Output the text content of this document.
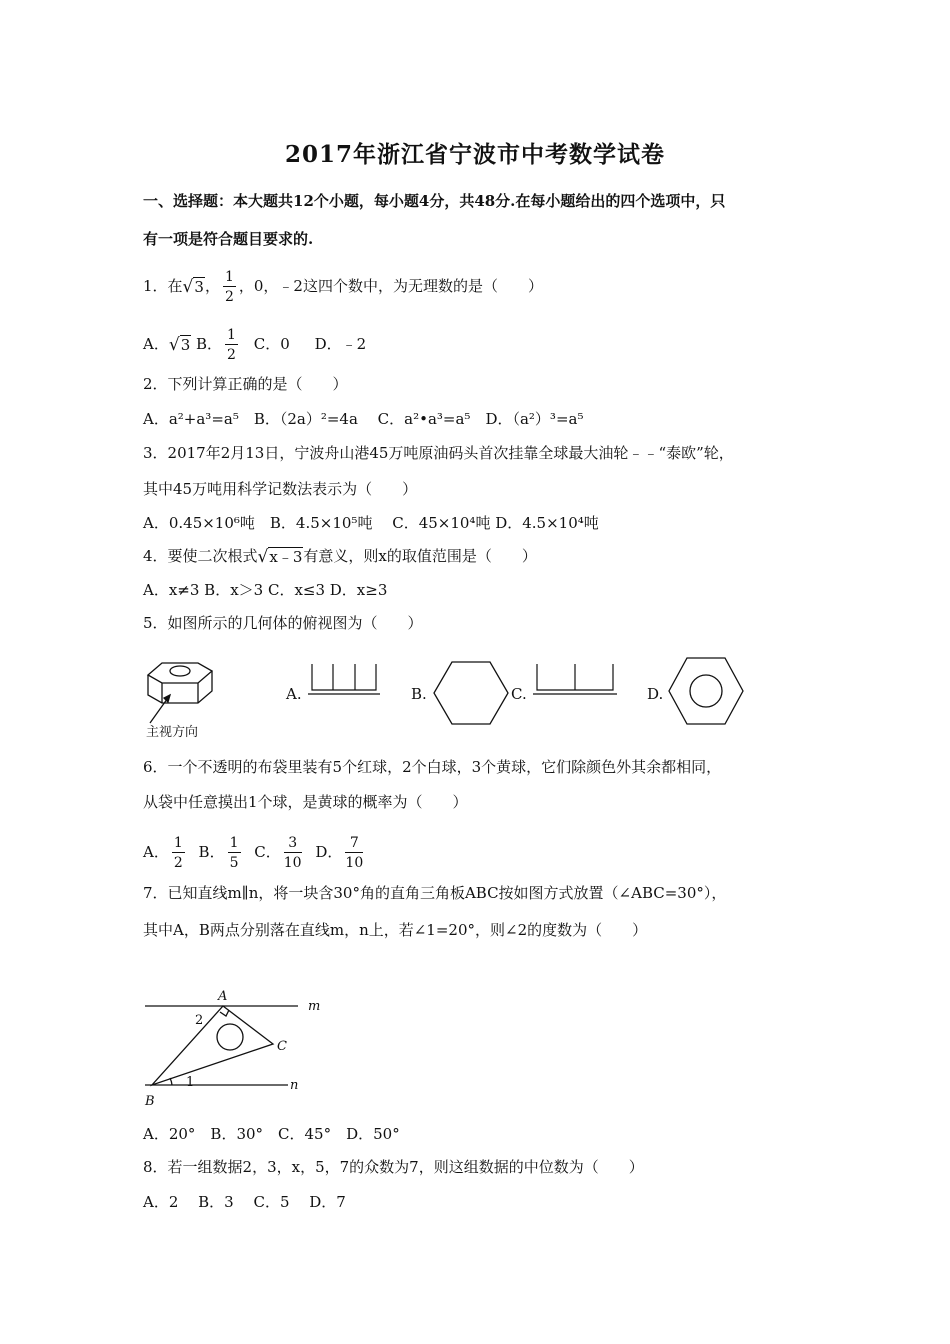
2017年浙江省宁波市中考数学试卷
一、选择题：本大题共12个小题，每小题4分，共48分.在每小题给出的四个选项中，只
有一项是符合题目要求的.
1．在√3， $\frac{1}{2}$ ，0，﹣2这四个数中，为无理数的是（　　）
A．√3 B． $\frac{1}{2}$ C．0 D．﹣2
2．下列计算正确的是（　　）
A．a²+a³=a⁵　B．（2a）²=4a　 C．a²•a³=a⁵　D．（a²）³=a⁵
3．2017年2月13日，宁波舟山港45万吨原油码头首次挂靠全球最大油轮﹣﹣“泰欧”轮，
其中45万吨用科学记数法表示为（　　）
A．0.45×10⁶吨　B．4.5×10⁵吨　 C．45×10⁴吨 D．4.5×10⁴吨
4．要使二次根式√x﹣3有意义，则x的取值范围是（　　）
A．x≠3 B．x＞3 C．x≤3 D．x≥3
5．如图所示的几何体的俯视图为（　　）
主视方向
A.	B.	C.	D.
6．一个不透明的布袋里装有5个红球，2个白球，3个黄球，它们除颜色外其余都相同，
从袋中任意摸出1个球，是黄球的概率为（　　）
A． $\frac{1}{2}$ B． $\frac{1}{5}$ C． $\frac{3}{10}$ D． $\frac{7}{10}$
7．已知直线m∥n，将一块含30°角的直角三角板ABC按如图方式放置（∠ABC=30°），
其中A，B两点分别落在直线m，n上，若∠1=20°，则∠2的度数为（　　）
A
B
C
m
n
1
2
A．20°　B．30°　C．45°　D．50°
8．若一组数据2，3，x，5，7的众数为7，则这组数据的中位数为（　　）
A．2　 B．3　 C．5　 D．7
